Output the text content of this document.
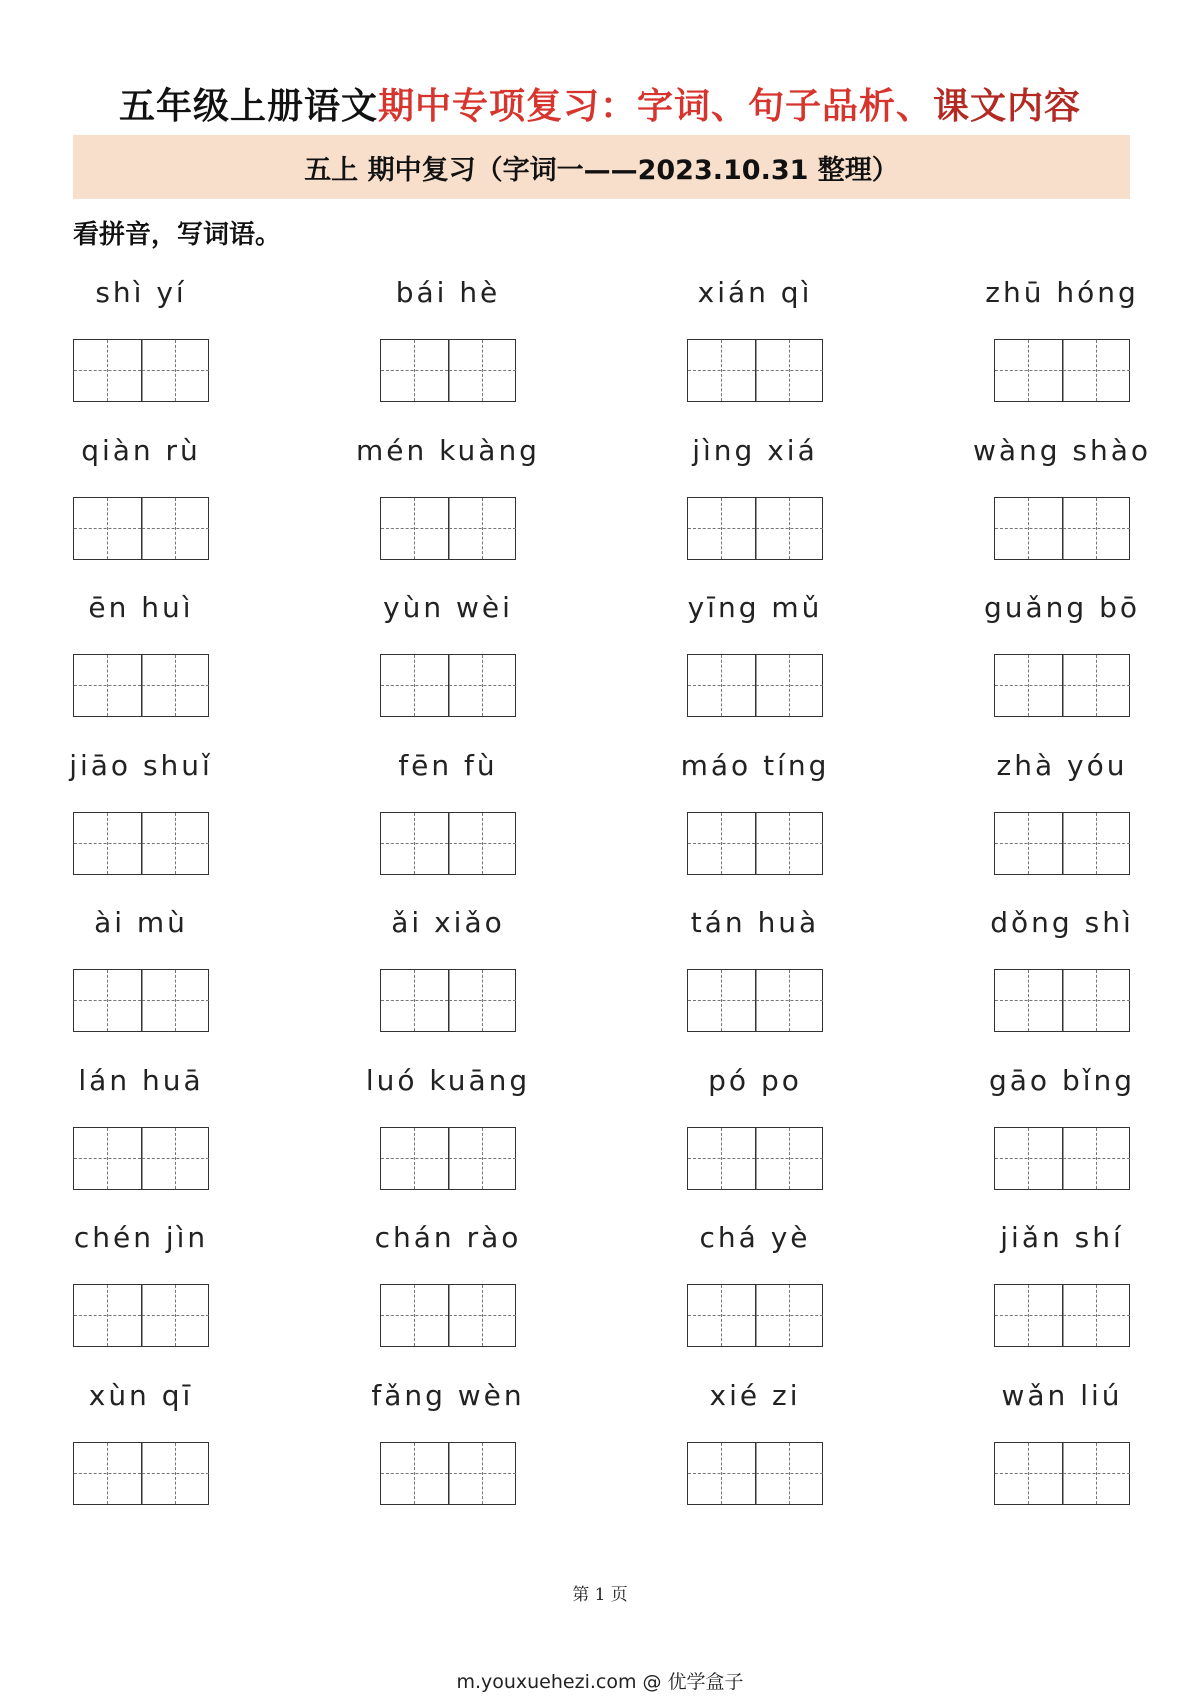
五年级上册语文期中专项复习：字词、句子品析、课文内容
五上 期中复习（字词一——2023.10.31 整理）
看拼音，写词语。
shì yí	bái hè	xián qì	zhū hóng
qiàn rù	mén kuàng	jìng xiá	wàng shào
ēn huì	yùn wèi	yīng mǔ	guǎng bō
jiāo shuǐ	fēn fù	máo tíng	zhà yóu
ài mù	ǎi xiǎo	tán huà	dǒng shì
lán huā	luó kuāng	pó po	gāo bǐng
chén jìn	chán rào	chá yè	jiǎn shí
xùn qī	fǎng wèn	xié zi	wǎn liú
第 1 页
m.youxuehezi.com @ 优学盒子
